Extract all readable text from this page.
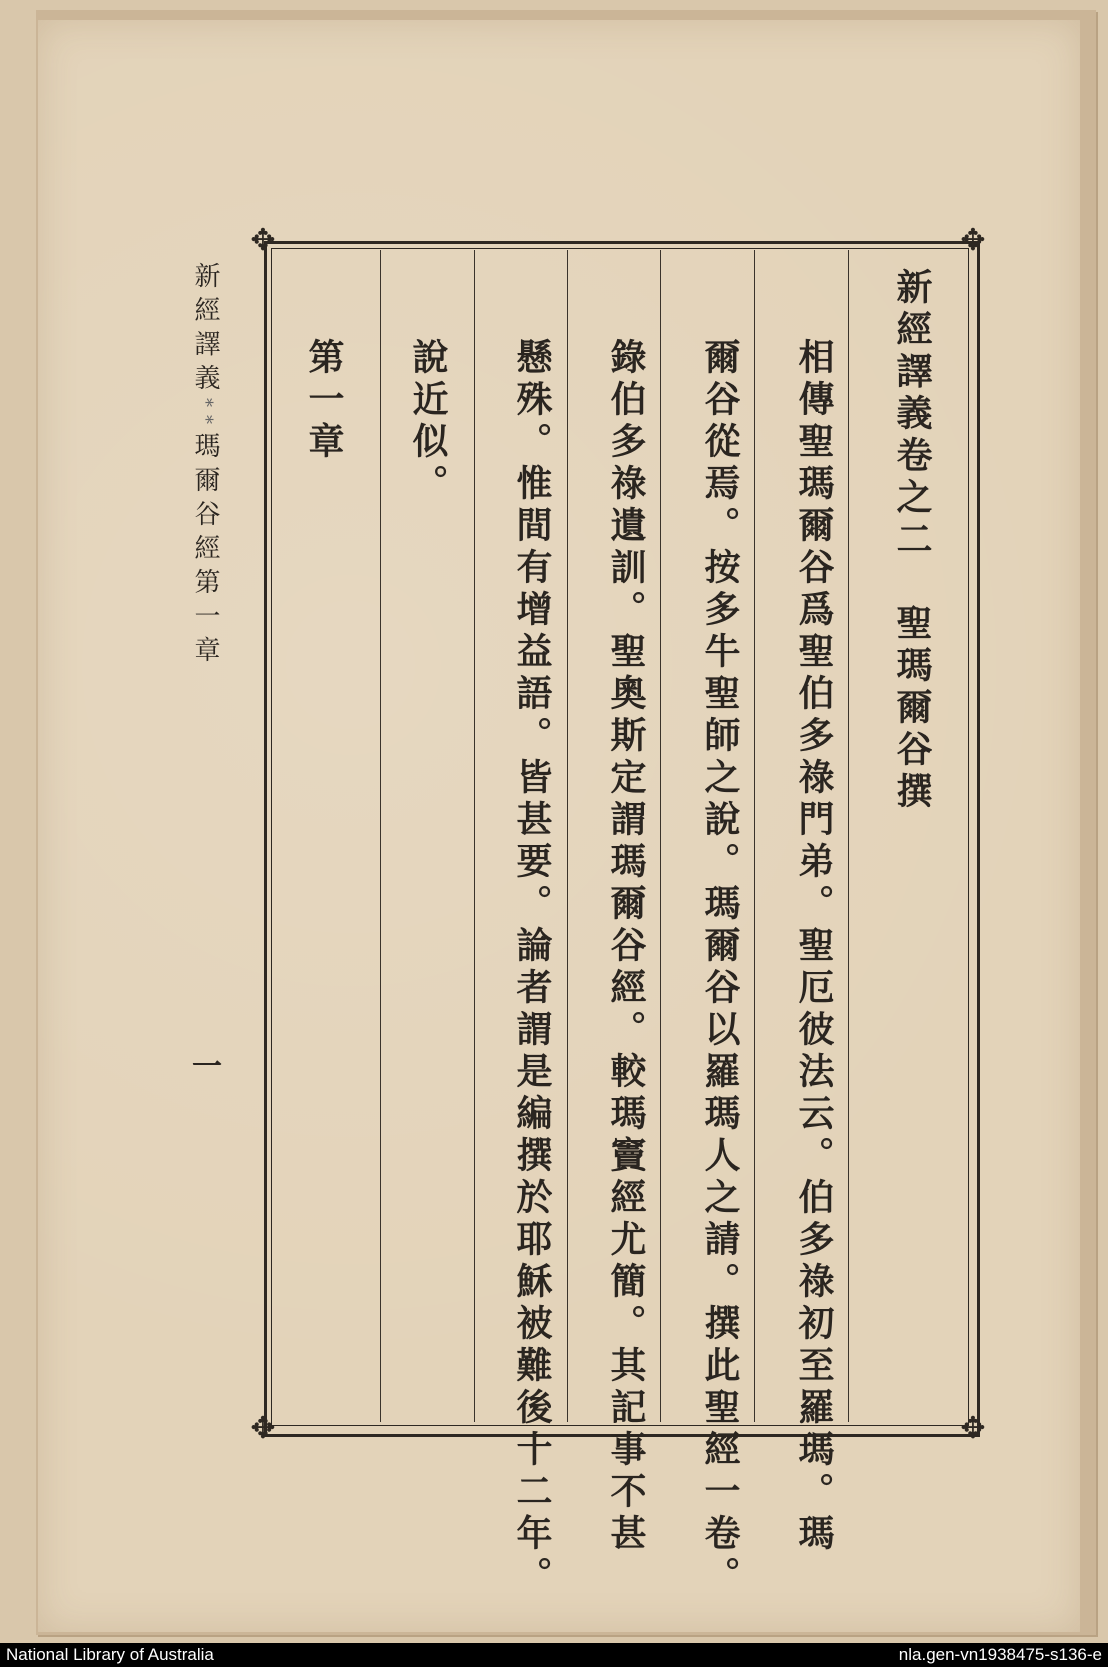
✥	✥
✥	✥
新經譯義卷之二　聖瑪爾谷撰
相傳聖瑪爾谷爲聖伯多祿門弟。聖厄彼法云。伯多祿初至羅瑪。瑪
爾谷從焉。按多牛聖師之說。瑪爾谷以羅瑪人之請。撰此聖經一卷。
錄伯多祿遺訓。聖奧斯定謂瑪爾谷經。較瑪竇經尤簡。其記事不甚
懸殊。惟間有增益語。皆甚要。論者謂是編撰於耶穌被難後十二年。
說近似。
第一章
新經譯義**瑪爾谷經第一章
一
National Library of Australia	nla.gen-vn1938475-s136-e
